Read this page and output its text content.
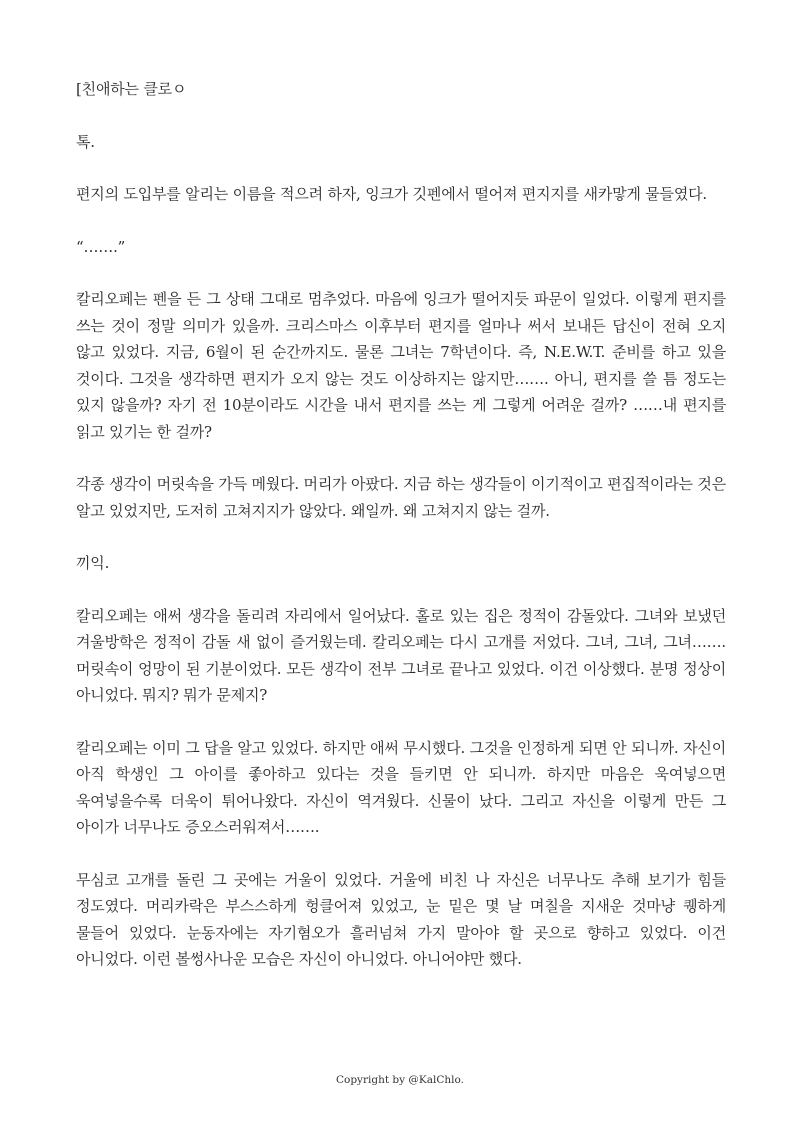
[친애하는 클로ㅇ

톡.

편지의 도입부를 알리는 이름을 적으려 하자, 잉크가 깃펜에서 떨어져 편지지를 새카맣게 물들였다.

“…….”

칼리오페는 펜을 든 그 상태 그대로 멈추었다. 마음에 잉크가 떨어지듯 파문이 일었다. 이렇게 편지를 쓰는 것이 정말 의미가 있을까. 크리스마스 이후부터 편지를 얼마나 써서 보내든 답신이 전혀 오지 않고 있었다. 지금, 6월이 된 순간까지도. 물론 그녀는 7학년이다. 즉, N.E.W.T. 준비를 하고 있을 것이다. 그것을 생각하면 편지가 오지 않는 것도 이상하지는 않지만……. 아니, 편지를 쓸 틈 정도는 있지 않을까? 자기 전 10분이라도 시간을 내서 편지를 쓰는 게 그렇게 어려운 걸까? ……내 편지를 읽고 있기는 한 걸까?

각종 생각이 머릿속을 가득 메웠다. 머리가 아팠다. 지금 하는 생각들이 이기적이고 편집적이라는 것은 알고 있었지만, 도저히 고쳐지지가 않았다. 왜일까. 왜 고쳐지지 않는 걸까.

끼익.

칼리오페는 애써 생각을 돌리려 자리에서 일어났다. 홀로 있는 집은 정적이 감돌았다. 그녀와 보냈던 겨울방학은 정적이 감돌 새 없이 즐거웠는데. 칼리오페는 다시 고개를 저었다. 그녀, 그녀, 그녀……. 머릿속이 엉망이 된 기분이었다. 모든 생각이 전부 그녀로 끝나고 있었다. 이건 이상했다. 분명 정상이 아니었다. 뭐지? 뭐가 문제지?

칼리오페는 이미 그 답을 알고 있었다. 하지만 애써 무시했다. 그것을 인정하게 되면 안 되니까. 자신이 아직 학생인 그 아이를 좋아하고 있다는 것을 들키면 안 되니까. 하지만 마음은 욱여넣으면 욱여넣을수록 더욱이 튀어나왔다. 자신이 역겨웠다. 신물이 났다. 그리고 자신을 이렇게 만든 그 아이가 너무나도 증오스러워져서…….

무심코 고개를 돌린 그 곳에는 거울이 있었다. 거울에 비친 나 자신은 너무나도 추해 보기가 힘들 정도였다. 머리카락은 부스스하게 헝클어져 있었고, 눈 밑은 몇 날 며칠을 지새운 것마냥 퀭하게 물들어 있었다. 눈동자에는 자기혐오가 흘러넘쳐 가지 말아야 할 곳으로 향하고 있었다. 이건 아니었다. 이런 볼썽사나운 모습은 자신이 아니었다. 아니어야만 했다.

Copyright by @KalChlo.
